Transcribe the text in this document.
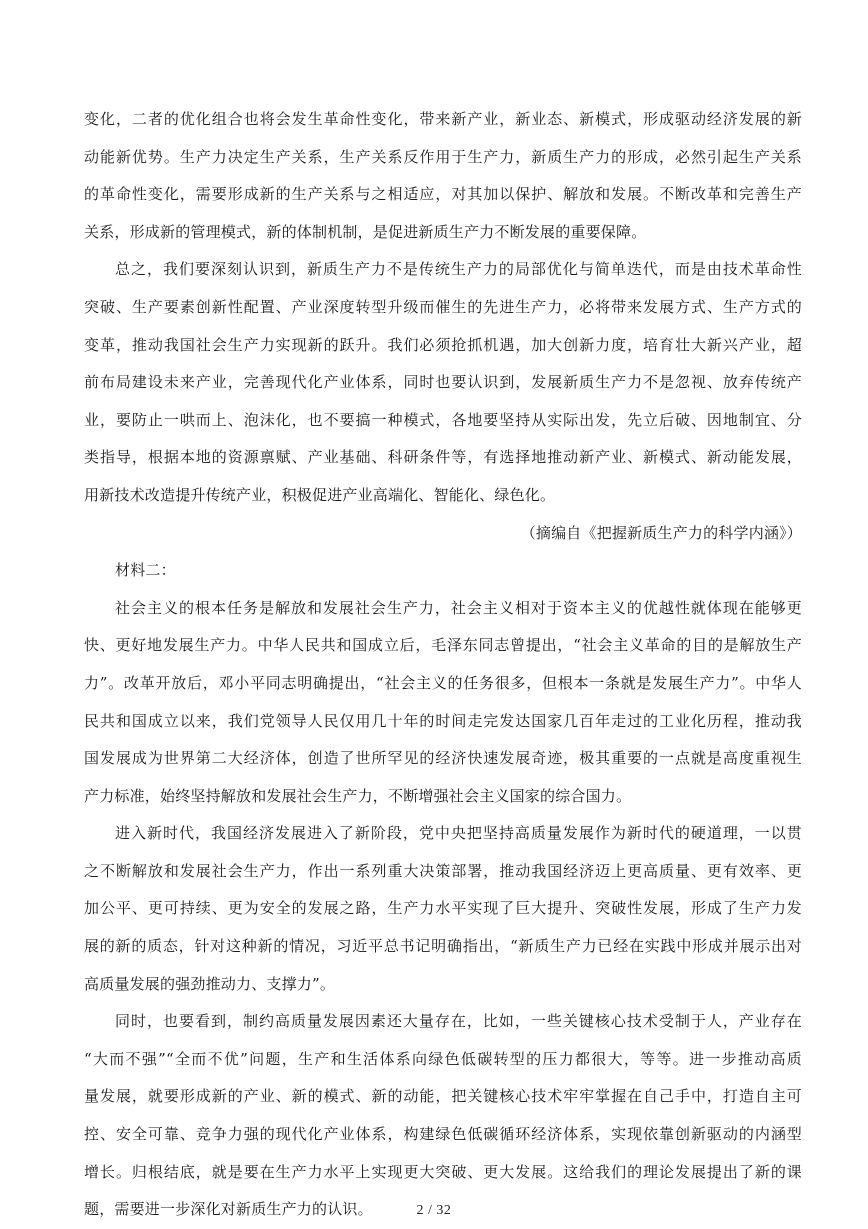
变化，二者的优化组合也将会发生革命性变化，带来新产业，新业态、新模式，形成驱动经济发展的新
动能新优势。生产力决定生产关系，生产关系反作用于生产力，新质生产力的形成，必然引起生产关系
的革命性变化，需要形成新的生产关系与之相适应，对其加以保护、解放和发展。不断改革和完善生产
关系，形成新的管理模式，新的体制机制，是促进新质生产力不断发展的重要保障。
总之，我们要深刻认识到，新质生产力不是传统生产力的局部优化与简单迭代，而是由技术革命性
突破、生产要素创新性配置、产业深度转型升级而催生的先进生产力，必将带来发展方式、生产方式的
变革，推动我国社会生产力实现新的跃升。我们必须抢抓机遇，加大创新力度，培育壮大新兴产业，超
前布局建设未来产业，完善现代化产业体系，同时也要认识到，发展新质生产力不是忽视、放弃传统产
业，要防止一哄而上、泡沫化，也不要搞一种模式，各地要坚持从实际出发，先立后破、因地制宜、分
类指导，根据本地的资源禀赋、产业基础、科研条件等，有选择地推动新产业、新模式、新动能发展，
用新技术改造提升传统产业，积极促进产业高端化、智能化、绿色化。
（摘编自《把握新质生产力的科学内涵》）
材料二：
社会主义的根本任务是解放和发展社会生产力，社会主义相对于资本主义的优越性就体现在能够更
快、更好地发展生产力。中华人民共和国成立后，毛泽东同志曾提出，“社会主义革命的目的是解放生产
力”。改革开放后，邓小平同志明确提出，“社会主义的任务很多，但根本一条就是发展生产力”。中华人
民共和国成立以来，我们党领导人民仅用几十年的时间走完发达国家几百年走过的工业化历程，推动我
国发展成为世界第二大经济体，创造了世所罕见的经济快速发展奇迹，极其重要的一点就是高度重视生
产力标准，始终坚持解放和发展社会生产力，不断增强社会主义国家的综合国力。
进入新时代，我国经济发展进入了新阶段，党中央把坚持高质量发展作为新时代的硬道理，一以贯
之不断解放和发展社会生产力，作出一系列重大决策部署，推动我国经济迈上更高质量、更有效率、更
加公平、更可持续、更为安全的发展之路，生产力水平实现了巨大提升、突破性发展，形成了生产力发
展的新的质态，针对这种新的情况，习近平总书记明确指出，“新质生产力已经在实践中形成并展示出对
高质量发展的强劲推动力、支撑力”。
同时，也要看到，制约高质量发展因素还大量存在，比如，一些关键核心技术受制于人，产业存在
“大而不强”“全而不优”问题，生产和生活体系向绿色低碳转型的压力都很大，等等。进一步推动高质
量发展，就要形成新的产业、新的模式、新的动能，把关键核心技术牢牢掌握在自己手中，打造自主可
控、安全可靠、竞争力强的现代化产业体系，构建绿色低碳循环经济体系，实现依靠创新驱动的内涵型
增长。归根结底，就是要在生产力水平上实现更大突破、更大发展。这给我们的理论发展提出了新的课
题，需要进一步深化对新质生产力的认识。	2 / 32
